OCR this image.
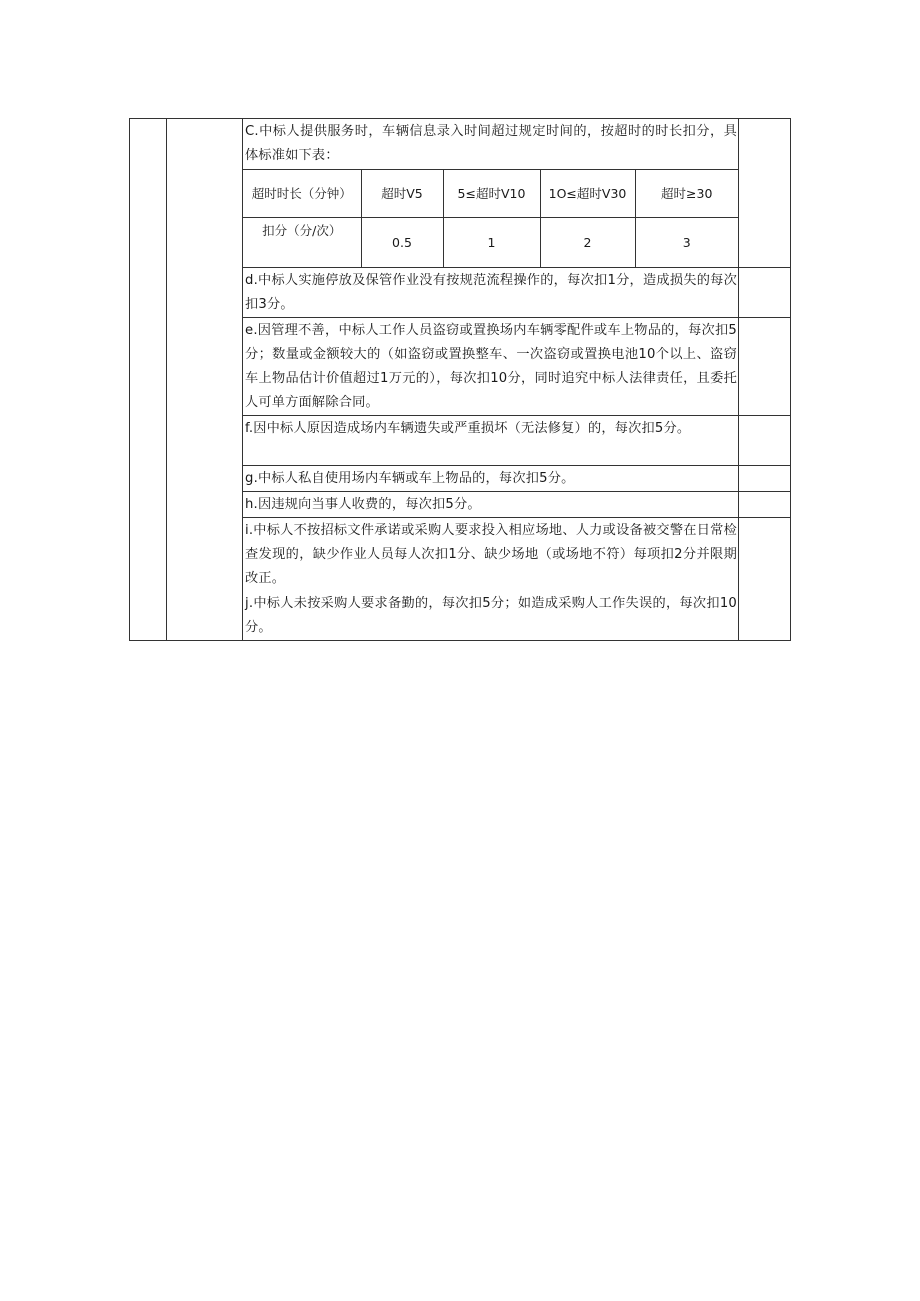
C.中标人提供服务时，车辆信息录入时间超过规定时间的，按超时的时长扣分，具体标准如下表：
超时时长（分钟）	超时V5	5≤超时V10	1O≤超时V30	超时≥30
扣分（分/次）	0.5	1	2	3

d.中标人实施停放及保管作业没有按规范流程操作的，每次扣1分，造成损失的每次扣3分。

e.因管理不善，中标人工作人员盗窃或置换场内车辆零配件或车上物品的，每次扣5分；数量或金额较大的（如盗窃或置换整车、一次盗窃或置换电池10个以上、盗窃车上物品估计价值超过1万元的），每次扣10分，同时追究中标人法律责任，且委托人可单方面解除合同。

f.因中标人原因造成场内车辆遗失或严重损坏（无法修复）的，每次扣5分。

g.中标人私自使用场内车辆或车上物品的，每次扣5分。

h.因违规向当事人收费的，每次扣5分。

i.中标人不按招标文件承诺或采购人要求投入相应场地、人力或设备被交警在日常检查发现的，缺少作业人员每人次扣1分、缺少场地（或场地不符）每项扣2分并限期改正。
j.中标人未按采购人要求备勤的，每次扣5分；如造成采购人工作失误的，每次扣10分。
